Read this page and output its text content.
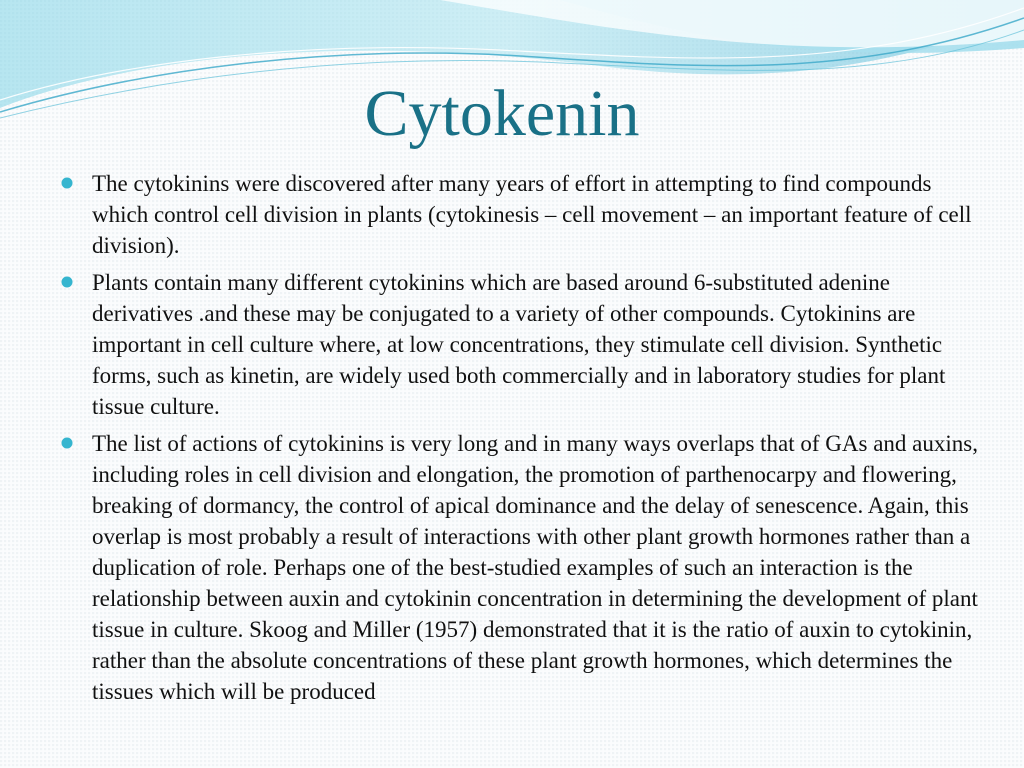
Cytokenin
The cytokinins were discovered after many years of effort in attempting to find compounds which control cell division in plants (cytokinesis – cell movement – an important feature of cell division).
Plants contain many different cytokinins which are based around 6-substituted adenine derivatives .and these may be conjugated to a variety of other compounds. Cytokinins are important in cell culture where, at low concentrations, they stimulate cell division. Synthetic forms, such as kinetin, are widely used both commercially and in laboratory studies for plant tissue culture.
The list of actions of cytokinins is very long and in many ways overlaps that of GAs and auxins, including roles in cell division and elongation, the promotion of parthenocarpy and flowering, breaking of dormancy, the control of apical dominance and the delay of senescence. Again, this overlap is most probably a result of interactions with other plant growth hormones rather than a duplication of role. Perhaps one of the best-studied examples of such an interaction is the relationship between auxin and cytokinin concentration in determining the development of plant tissue in culture. Skoog and Miller (1957) demonstrated that it is the ratio of auxin to cytokinin, rather than the absolute concentrations of these plant growth hormones, which determines the tissues which will be produced
